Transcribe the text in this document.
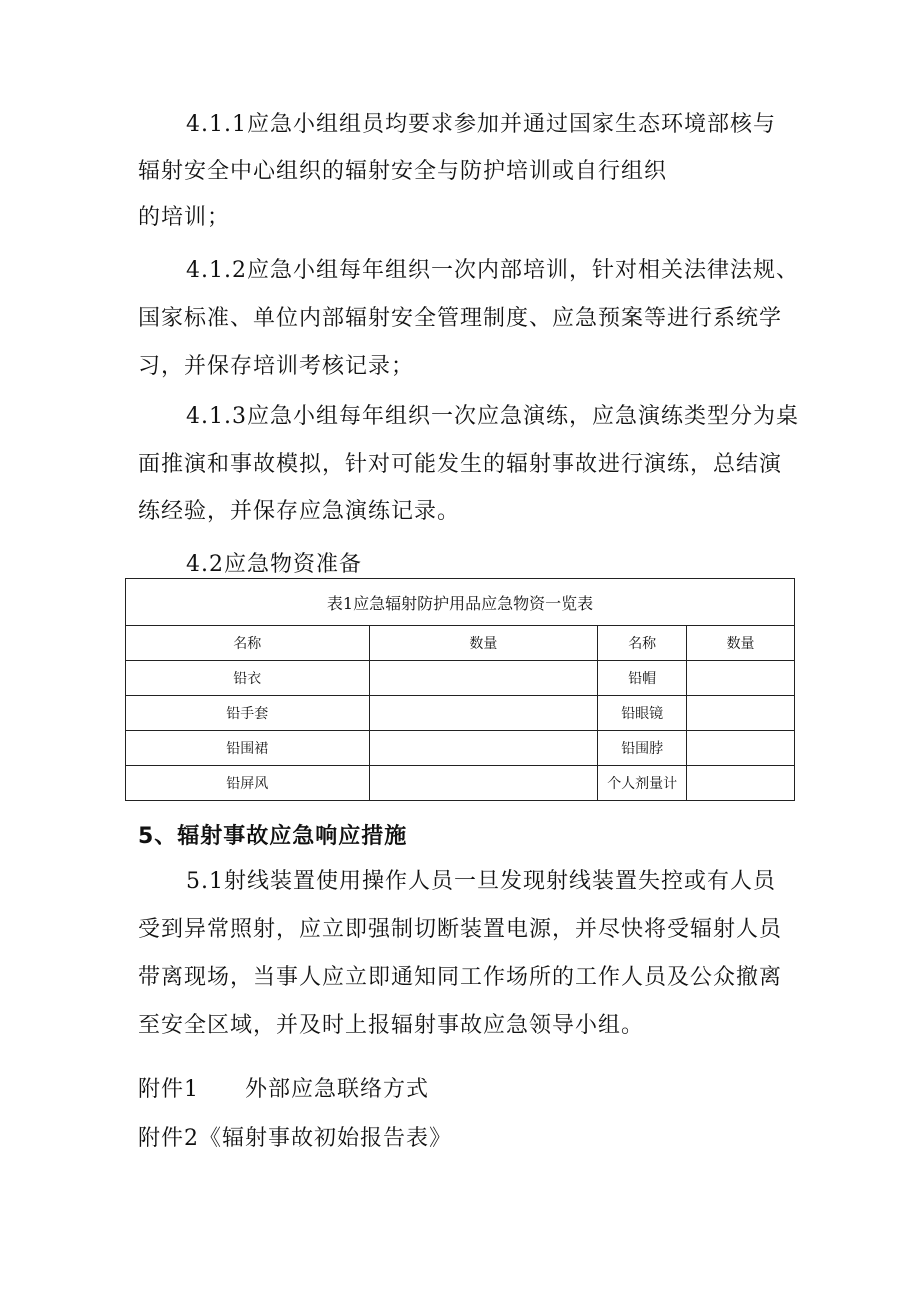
4.1.1应急小组组员均要求参加并通过国家生态环境部核与
辐射安全中心组织的辐射安全与防护培训或自行组织
的培训；
4.1.2应急小组每年组织一次内部培训，针对相关法律法规、
国家标准、单位内部辐射安全管理制度、应急预案等进行系统学
习，并保存培训考核记录；
4.1.3应急小组每年组织一次应急演练，应急演练类型分为桌
面推演和事故模拟，针对可能发生的辐射事故进行演练，总结演
练经验，并保存应急演练记录。
4.2应急物资准备
表1应急辐射防护用品应急物资一览表			
名称	数量	名称	数量
铅衣		铅帽	
铅手套		铅眼镜	
铅围裙		铅围脖	
铅屏风		个人剂量计	
5、辐射事故应急响应措施
5.1射线装置使用操作人员一旦发现射线装置失控或有人员
受到异常照射，应立即强制切断装置电源，并尽快将受辐射人员
带离现场，当事人应立即通知同工作场所的工作人员及公众撤离
至安全区域，并及时上报辐射事故应急领导小组。
附件1 外部应急联络方式
附件2《辐射事故初始报告表》
